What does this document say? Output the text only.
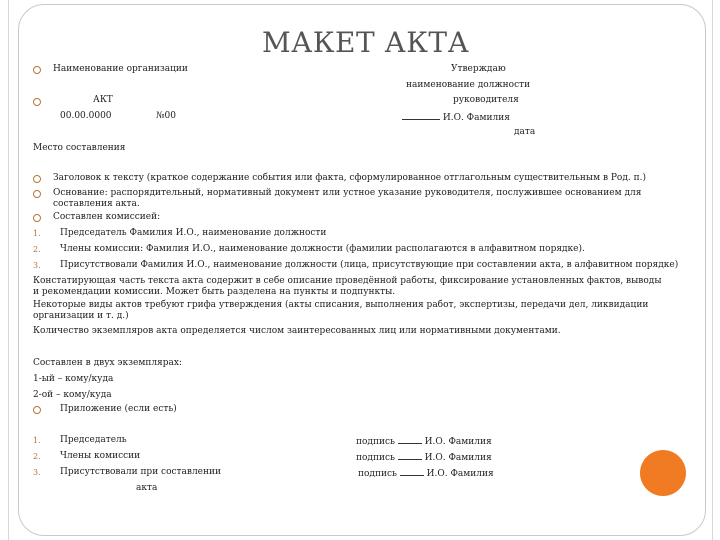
МАКЕТ АКТА
Наименование организации
АКТ
00.00.0000	№00
Утверждаю
наименование должности
руководителя
И.О. Фамилия
дата
Место составления
Заголовок к тексту (краткое содержание события или факта, сформулированное отглагольным существительным в Род. п.)
Основание: распорядительный, нормативный документ или устное указание руководителя, послужившее основанием для составления акта.
Составлен комиссией:
1. Председатель Фамилия И.О., наименование должности
2. Члены комиссии: Фамилия И.О., наименование должности (фамилии располагаются в алфавитном порядке).
3. Присутствовали Фамилия И.О., наименование должности (лица, присутствующие при составлении акта, в алфавитном порядке)
Констатирующая часть текста акта содержит в себе описание проведённой работы, фиксирование установленных фактов, выводы и рекомендации комиссии. Может быть разделена на пункты и подпункты.
Некоторые виды актов требуют грифа утверждения (акты списания, выполнения работ, экспертизы, передачи дел, ликвидации организации и т. д.)
Количество экземпляров акта определяется числом заинтересованных лиц или нормативными документами.
Составлен в двух экземплярах:
1-ый – кому/куда
2-ой – кому/куда
Приложение (если есть)
1. Председатель	подпись	И.О. Фамилия
2. Члены комиссии	подпись	И.О. Фамилия
3. Присутствовали при составлении	подпись	И.О. Фамилия
акта
